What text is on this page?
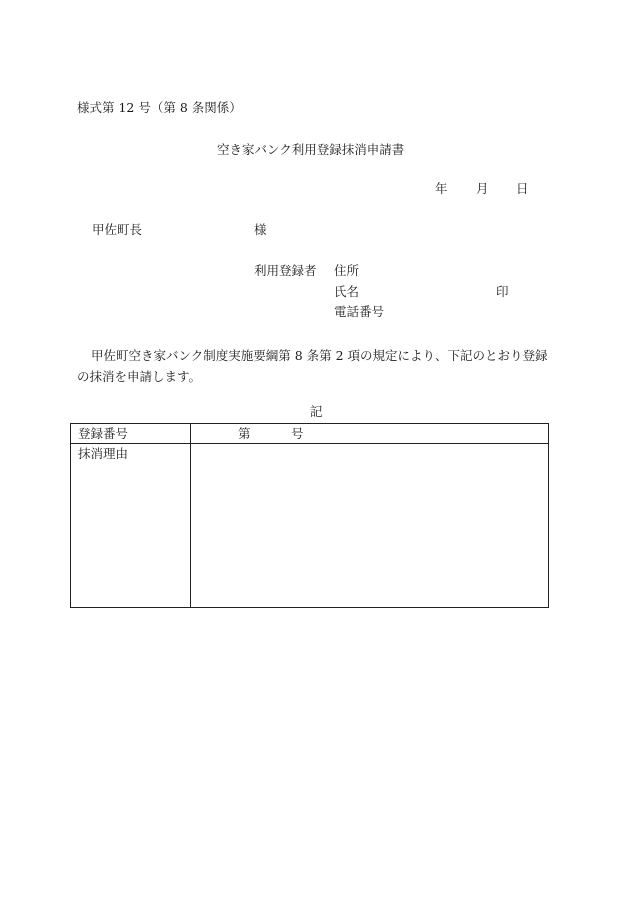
様式第 12 号（第 8 条関係）
空き家バンク利用登録抹消申請書
年 月 日
甲佐町長	様
利用登録者 住所
氏名	印
電話番号
甲佐町空き家バンク制度実施要綱第 8 条第 2 項の規定により、下記のとおり登録の抹消を申請します。
記
登録番号	第	号
抹消理由
